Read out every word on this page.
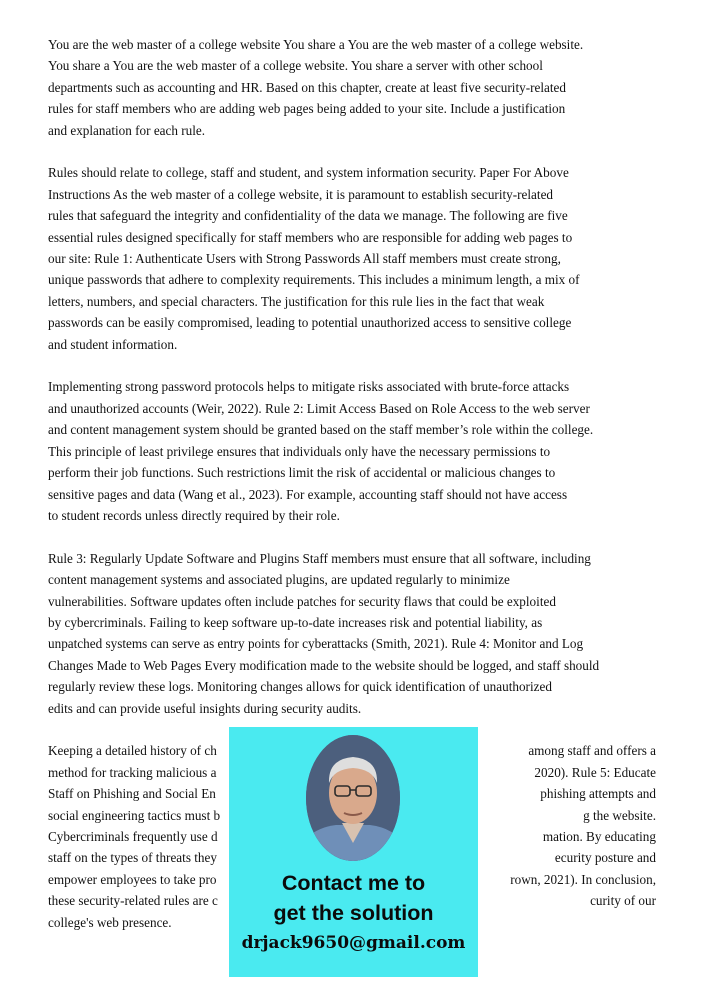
You are the web master of a college website You share a You are the web master of a college website.
You share a You are the web master of a college website. You share a server with other school
departments such as accounting and HR. Based on this chapter, create at least five security-related
rules for staff members who are adding web pages being added to your site. Include a justification
and explanation for each rule.
Rules should relate to college, staff and student, and system information security. Paper For Above
Instructions As the web master of a college website, it is paramount to establish security-related
rules that safeguard the integrity and confidentiality of the data we manage. The following are five
essential rules designed specifically for staff members who are responsible for adding web pages to
our site: Rule 1: Authenticate Users with Strong Passwords All staff members must create strong,
unique passwords that adhere to complexity requirements. This includes a minimum length, a mix of
letters, numbers, and special characters. The justification for this rule lies in the fact that weak
passwords can be easily compromised, leading to potential unauthorized access to sensitive college
and student information.
Implementing strong password protocols helps to mitigate risks associated with brute-force attacks
and unauthorized accounts (Weir, 2022). Rule 2: Limit Access Based on Role Access to the web server
and content management system should be granted based on the staff member’s role within the college.
This principle of least privilege ensures that individuals only have the necessary permissions to
perform their job functions. Such restrictions limit the risk of accidental or malicious changes to
sensitive pages and data (Wang et al., 2023). For example, accounting staff should not have access
to student records unless directly required by their role.
Rule 3: Regularly Update Software and Plugins Staff members must ensure that all software, including
content management systems and associated plugins, are updated regularly to minimize
vulnerabilities. Software updates often include patches for security flaws that could be exploited
by cybercriminals. Failing to keep software up-to-date increases risk and potential liability, as
unpatched systems can serve as entry points for cyberattacks (Smith, 2021). Rule 4: Monitor and Log
Changes Made to Web Pages Every modification made to the website should be logged, and staff should
regularly review these logs. Monitoring changes allows for quick identification of unauthorized
edits and can provide useful insights during security audits.
Keeping a detailed history of ch	among staff and offers a
method for tracking malicious a	2020). Rule 5: Educate
Staff on Phishing and Social En	phishing attempts and
social engineering tactics must b	g the website.
Cybercriminals frequently use d	mation. By educating
staff on the types of threats they	ecurity posture and
empower employees to take pro	rown, 2021). In conclusion,
these security-related rules are c	curity of our
college's web presence.
Contact me to
get the solution
drjack9650@gmail.com
